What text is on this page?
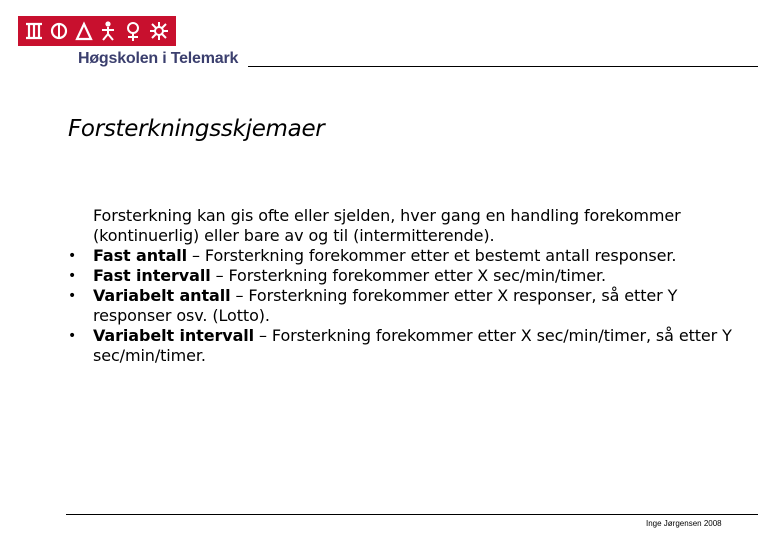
Høgskolen i Telemark
Forsterkningsskjemaer

Forsterkning kan gis ofte eller sjelden, hver gang en handling forekommer (kontinuerlig) eller bare av og til (intermitterende).

• Fast antall – Forsterkning forekommer etter et bestemt antall responser.
• Fast intervall – Forsterkning forekommer etter X sec/min/timer.
• Variabelt antall – Forsterkning forekommer etter X responser, så etter Y responser osv. (Lotto).
• Variabelt intervall – Forsterkning forekommer etter X sec/min/timer, så etter Y sec/min/timer.
Inge Jørgensen 2008
